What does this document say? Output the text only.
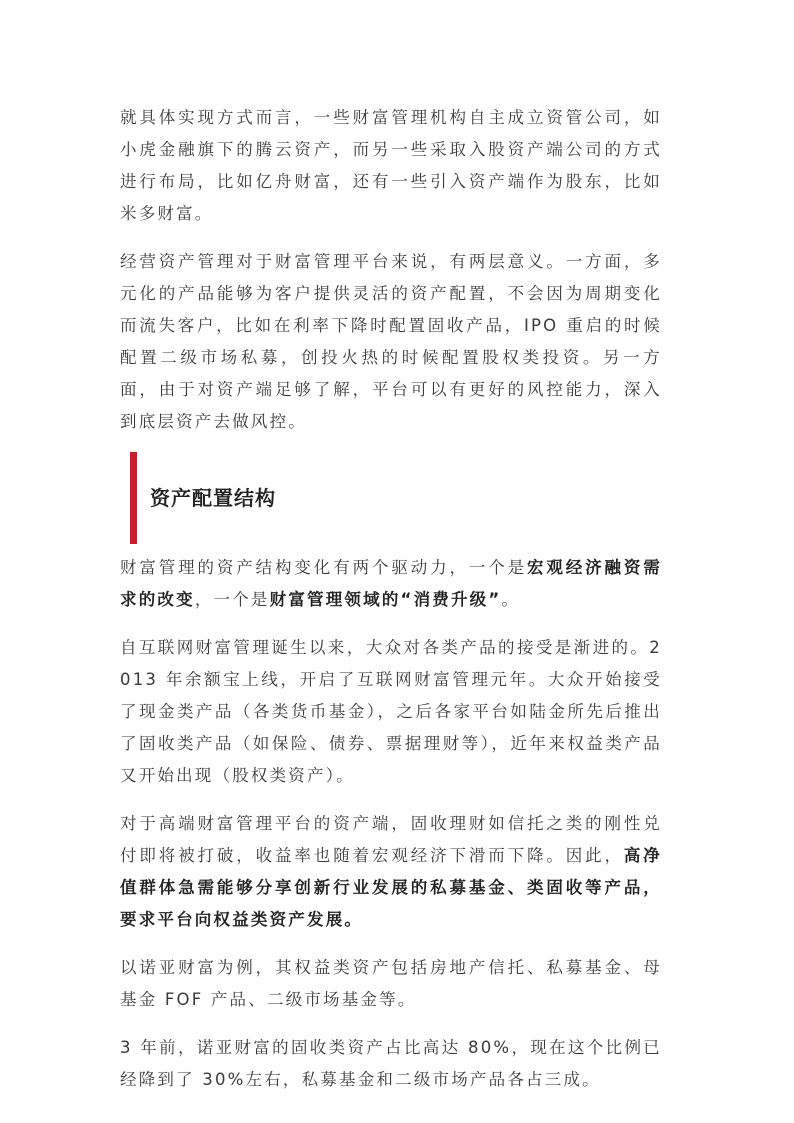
就具体实现方式而言，一些财富管理机构自主成立资管公司，如小虎金融旗下的腾云资产，而另一些采取入股资产端公司的方式进行布局，比如亿舟财富，还有一些引入资产端作为股东，比如米多财富。

经营资产管理对于财富管理平台来说，有两层意义。一方面，多元化的产品能够为客户提供灵活的资产配置，不会因为周期变化而流失客户，比如在利率下降时配置固收产品，IPO 重启的时候配置二级市场私募，创投火热的时候配置股权类投资。另一方面，由于对资产端足够了解，平台可以有更好的风控能力，深入到底层资产去做风控。

资产配置结构

财富管理的资产结构变化有两个驱动力，一个是宏观经济融资需求的改变，一个是财富管理领域的“消费升级”。

自互联网财富管理诞生以来，大众对各类产品的接受是渐进的。2013 年余额宝上线，开启了互联网财富管理元年。大众开始接受了现金类产品（各类货币基金），之后各家平台如陆金所先后推出了固收类产品（如保险、债券、票据理财等），近年来权益类产品又开始出现（股权类资产）。

对于高端财富管理平台的资产端，固收理财如信托之类的刚性兑付即将被打破，收益率也随着宏观经济下滑而下降。因此，高净值群体急需能够分享创新行业发展的私募基金、类固收等产品，要求平台向权益类资产发展。

以诺亚财富为例，其权益类资产包括房地产信托、私募基金、母基金 FOF 产品、二级市场基金等。

3 年前，诺亚财富的固收类资产占比高达 80%，现在这个比例已经降到了 30%左右，私募基金和二级市场产品各占三成。
